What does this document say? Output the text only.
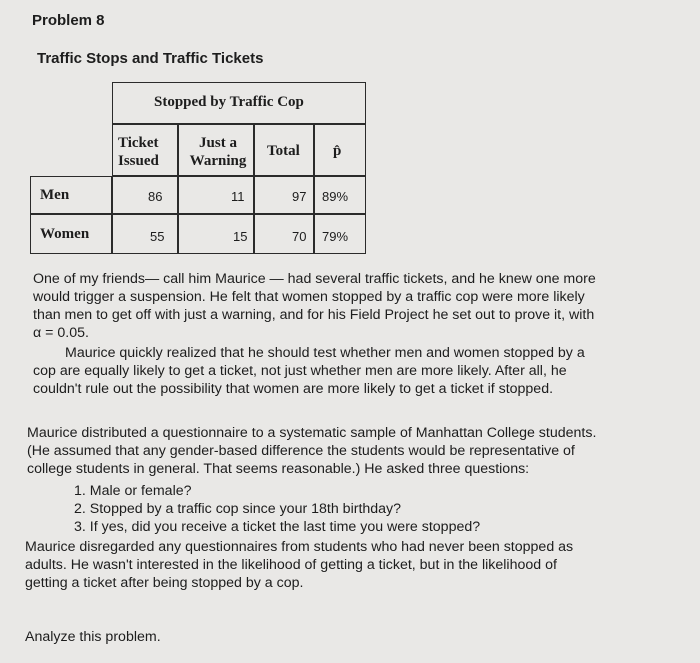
Problem 8
Traffic Stops and Traffic Tickets
Stopped by Traffic Cop
Ticket
Issued
Just a
Warning
Total p̂
Men	86	11	97 89%
Women	55	15	70 79%
One of my friends— call him Maurice — had several traffic tickets, and he knew one more
would trigger a suspension. He felt that women stopped by a traffic cop were more likely
than men to get off with just a warning, and for his Field Project he set out to prove it, with
α = 0.05.
Maurice quickly realized that he should test whether men and women stopped by a
cop are equally likely to get a ticket, not just whether men are more likely. After all, he
couldn't rule out the possibility that women are more likely to get a ticket if stopped.
Maurice distributed a questionnaire to a systematic sample of Manhattan College students.
(He assumed that any gender-based difference the students would be representative of
college students in general. That seems reasonable.) He asked three questions:
1. Male or female?
2. Stopped by a traffic cop since your 18th birthday?
3. If yes, did you receive a ticket the last time you were stopped?
Maurice disregarded any questionnaires from students who had never been stopped as
adults. He wasn't interested in the likelihood of getting a ticket, but in the likelihood of
getting a ticket after being stopped by a cop.
Analyze this problem.
